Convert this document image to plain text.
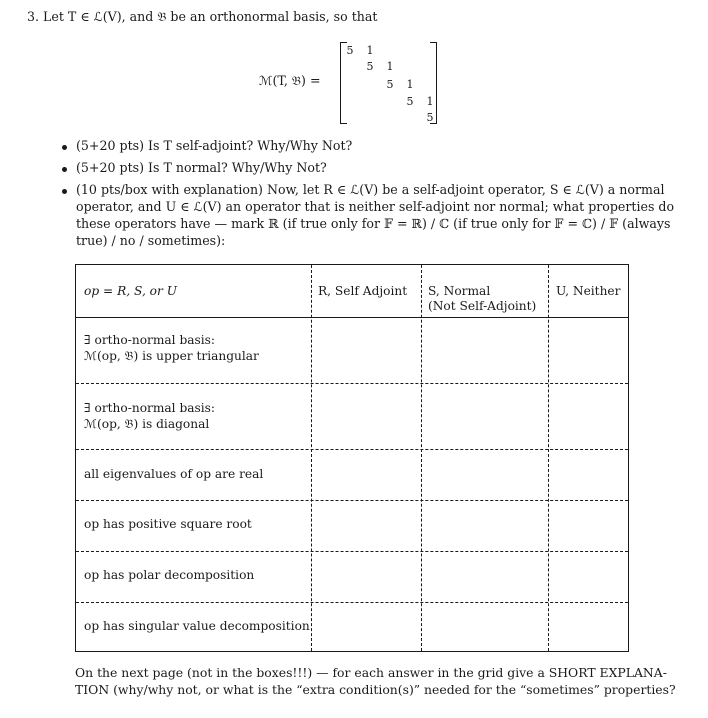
3. Let T ∈ ℒ(V), and 𝔅 be an orthonormal basis, so that
ℳ(T, 𝔅) =
5 1
5 1
5 1
5 1
5
(5+20 pts) Is T self-adjoint? Why/Why Not?
(5+20 pts) Is T normal? Why/Why Not?
(10 pts/box with explanation) Now, let R ∈ ℒ(V) be a self-adjoint operator, S ∈ ℒ(V) a normal
operator, and U ∈ ℒ(V) an operator that is neither self-adjoint nor normal; what properties do
these operators have — mark ℝ (if true only for 𝔽 = ℝ) / ℂ (if true only for 𝔽 = ℂ) / 𝔽 (always
true) / no / sometimes):
op = R, S, or U	R, Self Adjoint S, Normal
(Not Self-Adjoint)
U, Neither
∃ ortho-normal basis:
ℳ(op, 𝔅) is upper triangular
∃ ortho-normal basis:
ℳ(op, 𝔅) is diagonal
all eigenvalues of op are real
op has positive square root
op has polar decomposition
op has singular value decomposition
On the next page (not in the boxes!!!) — for each answer in the grid give a SHORT EXPLANA-
TION (why/why not, or what is the “extra condition(s)” needed for the “sometimes” properties?
